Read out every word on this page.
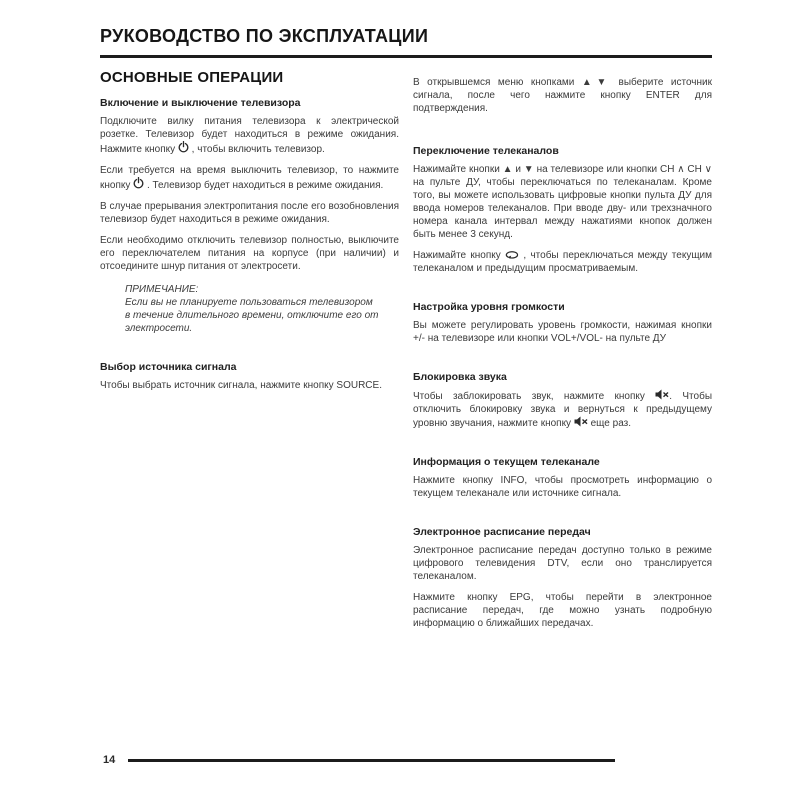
РУКОВОДСТВО ПО ЭКСПЛУАТАЦИИ
ОСНОВНЫЕ ОПЕРАЦИИ
Включение и выключение телевизора

Подключите вилку питания телевизора к электрической розетке. Телевизор будет находиться в режиме ожидания. Нажмите кнопку , чтобы включить телевизор.

Если требуется на время выключить телевизор, то нажмите кнопку . Телевизор будет находиться в режиме ожидания.

В случае прерывания электропитания после его возобновления телевизор будет находиться в режиме ожидания.

Если необходимо отключить телевизор полностью, выключите его переключателем питания на корпусе (при наличии) и отсоедините шнур питания от электросети.

ПРИМЕЧАНИЕ:

Если вы не планируете пользоваться телевизором в течение длительного времени, отключите его от электросети.

Выбор источника сигнала

Чтобы выбрать источник сигнала, нажмите кнопку SOURCE.

В открывшемся меню кнопками ▲▼ выберите источник сигнала, после чего нажмите кнопку ENTER для подтверждения.

Переключение телеканалов

Нажимайте кнопки ▲ и ▼ на телевизоре или кнопки CH ∧ CH ∨ на пульте ДУ, чтобы переключаться по телеканалам. Кроме того, вы можете использовать цифровые кнопки пульта ДУ для ввода номеров телеканалов. При вводе дву- или трехзначного номера канала интервал между нажатиями кнопок должен быть менее 3 секунд.

Нажимайте кнопку , чтобы переключаться между текущим телеканалом и предыдущим просматриваемым.

Настройка уровня громкости

Вы можете регулировать уровень громкости, нажимая кнопки +/- на телевизоре или кнопки VOL+/VOL- на пульте ДУ

Блокировка звука

Чтобы заблокировать звук, нажмите кнопку . Чтобы отключить блокировку звука и вернуться к предыдущему уровню звучания, нажмите кнопку еще раз.

Информация о текущем телеканале

Нажмите кнопку INFO, чтобы просмотреть информацию о текущем телеканале или источнике сигнала.

Электронное расписание передач

Электронное расписание передач доступно только в режиме цифрового телевидения DTV, если оно транслируется телеканалом.

Нажмите кнопку EPG, чтобы перейти в электронное расписание передач, где можно узнать подробную информацию о ближайших передачах.

14
